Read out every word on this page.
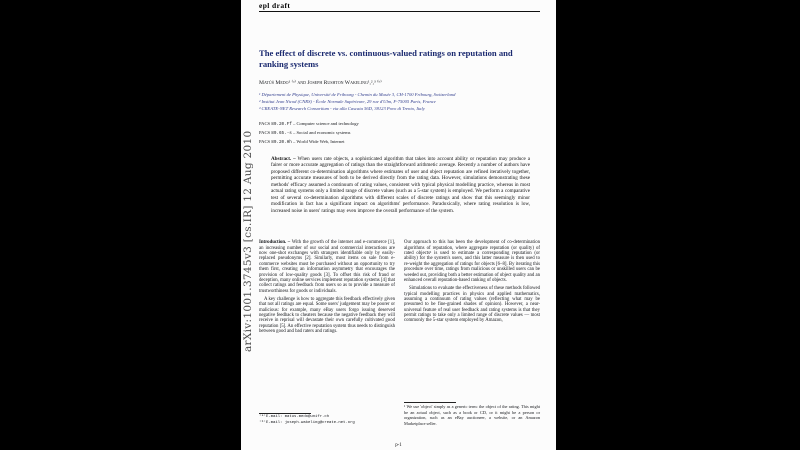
epl draft
The effect of discrete vs. continuous-valued ratings on reputation and ranking systems
Matúš Medo¹ ⁽ᵃ⁾ and Joseph Rushton Wakeling¹,²,³ ⁽ᵇ⁾
¹ Département de Physique, Université de Fribourg - Chemin du Musée 3, CH-1700 Fribourg, Switzerland
² Institut Jean Nicod (CNRS) - École Normale Supérieure, 29 rue d'Ulm, F-75005 Paris, France
³ CREATE-NET Research Consortium - via alla Cascata 56D, 38123 Povo di Trento, Italy
PACS 89.20.Ff – Computer science and technology
PACS 89.65.-s – Social and economic systems
PACS 89.20.Hh – World Wide Web, Internet
Abstract. – When users rate objects, a sophisticated algorithm that takes into account ability or reputation may produce a fairer or more accurate aggregation of ratings than the straightforward arithmetic average. Recently a number of authors have proposed different co-determination algorithms where estimates of user and object reputation are refined iteratively together, permitting accurate measures of both to be derived directly from the rating data. However, simulations demonstrating these methods' efficacy assumed a continuum of rating values, consistent with typical physical modelling practice, whereas in most actual rating systems only a limited range of discrete values (such as a 5-star system) is employed. We perform a comparative test of several co-determination algorithms with different scales of discrete ratings and show that this seemingly minor modification in fact has a significant impact on algorithms' performance. Paradoxically, where rating resolution is low, increased noise in users' ratings may even improve the overall performance of the system.

Introduction. – With the growth of the internet and e-commerce [1], an increasing number of our social and commercial interactions are now one-shot exchanges with strangers identifiable only by easily-replaced pseudonyms [2]. Similarly, most items on sale from e-commerce websites must be purchased without an opportunity to try them first, creating an information asymmetry that encourages the provision of low-quality goods [3]. To offset this risk of fraud or deception, many online services implement reputation systems [4] that collect ratings and feedback from users so as to provide a measure of trustworthiness for goods or individuals.

A key challenge is how to aggregate this feedback effectively given that not all ratings are equal. Some users' judgement may be poorer or malicious: for example, many eBay users forgo issuing deserved negative feedback to cheaters because the negative feedback they will receive in reprisal will devastate their own carefully cultivated good reputation [5]. An effective reputation system thus needs to distinguish between good and bad raters and ratings.

⁽ᵃ⁾E-mail: matus.medo@unifr.ch
⁽ᵇ⁾E-mail: joseph.wakeling@create-net.org

Our approach to this has been the development of co-determination algorithms of reputation, where aggregate reputation (or quality) of rated objects¹ is used to estimate a corresponding reputation (or ability) for the system's users, and this latter measure is then used to re-weight the aggregation of ratings for objects [6–8]. By iterating this procedure over time, ratings from malicious or unskilled users can be weeded out, providing both a better estimation of object quality and an enhanced overall reputation-based ranking of objects.

Simulations to evaluate the effectiveness of these methods followed typical modelling practices in physics and applied mathematics, assuming a continuum of rating values (reflecting what may be presumed to be fine-grained shades of opinion). However, a near-universal feature of real user feedback and rating systems is that they permit ratings to take only a limited range of discrete values — most commonly the 5-star system employed by Amazon,

¹ We use 'object' simply as a generic term: the object of the rating. This might be an actual object, such as a book or CD, or it might be a person or organization, such as an eBay auctioneer, a website, or an Amazon Marketplace seller.
p-1
arXiv:1001.3745v3 [cs.IR] 12 Aug 2010
